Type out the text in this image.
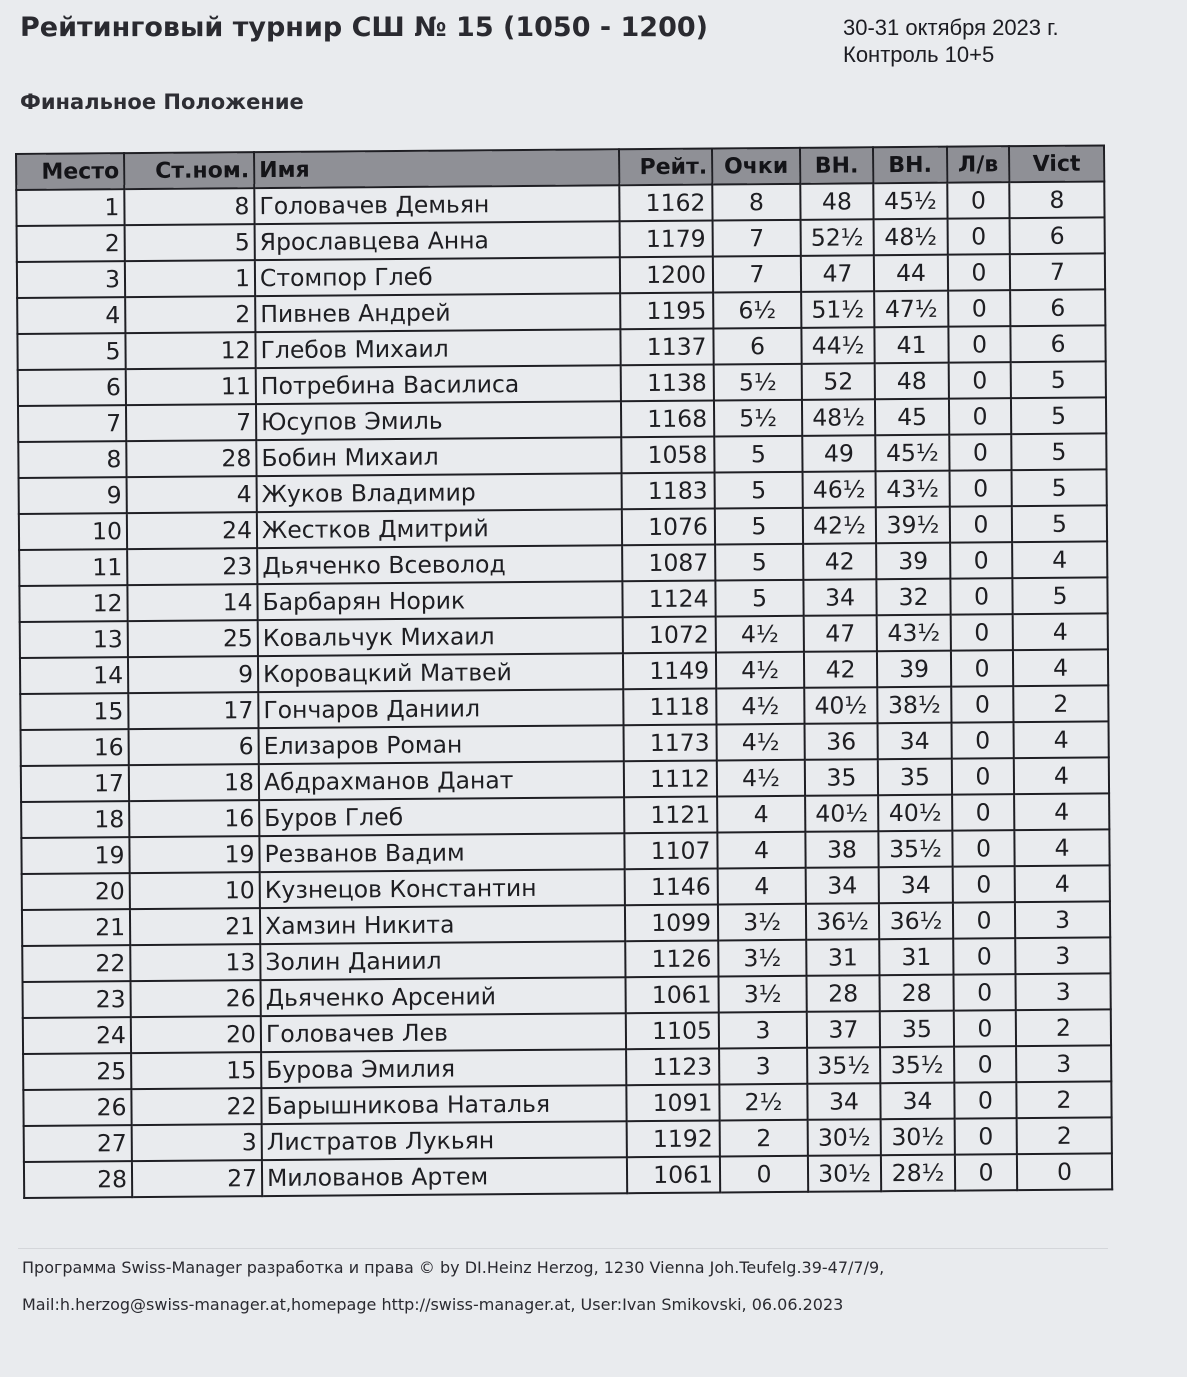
Рейтинговый турнир СШ № 15 (1050 - 1200)	30-31 октября 2023 г.
Контроль 10+5
Финальное Положение
Место	Ст.ном.	Имя	Рейт.	Очки	ВН.	ВН.	Л/в	Vict
1	8	Головачев Демьян	1162	8	48	45½	0	8
2	5	Ярославцева Анна	1179	7	52½	48½	0	6
3	1	Стомпор Глеб	1200	7	47	44	0	7
4	2	Пивнев Андрей	1195	6½	51½	47½	0	6
5	12	Глебов Михаил	1137	6	44½	41	0	6
6	11	Потребина Василиса	1138	5½	52	48	0	5
7	7	Юсупов Эмиль	1168	5½	48½	45	0	5
8	28	Бобин Михаил	1058	5	49	45½	0	5
9	4	Жуков Владимир	1183	5	46½	43½	0	5
10	24	Жестков Дмитрий	1076	5	42½	39½	0	5
11	23	Дьяченко Всеволод	1087	5	42	39	0	4
12	14	Барбарян Норик	1124	5	34	32	0	5
13	25	Ковальчук Михаил	1072	4½	47	43½	0	4
14	9	Коровацкий Матвей	1149	4½	42	39	0	4
15	17	Гончаров Даниил	1118	4½	40½	38½	0	2
16	6	Елизаров Роман	1173	4½	36	34	0	4
17	18	Абдрахманов Данат	1112	4½	35	35	0	4
18	16	Буров Глеб	1121	4	40½	40½	0	4
19	19	Резванов Вадим	1107	4	38	35½	0	4
20	10	Кузнецов Константин	1146	4	34	34	0	4
21	21	Хамзин Никита	1099	3½	36½	36½	0	3
22	13	Золин Даниил	1126	3½	31	31	0	3
23	26	Дьяченко Арсений	1061	3½	28	28	0	3
24	20	Головачев Лев	1105	3	37	35	0	2
25	15	Бурова Эмилия	1123	3	35½	35½	0	3
26	22	Барышникова Наталья	1091	2½	34	34	0	2
27	3	Листратов Лукьян	1192	2	30½	30½	0	2
28	27	Милованов Артем	1061	0	30½	28½	0	0
Программа Swiss-Manager разработка и права © by DI.Heinz Herzog, 1230 Vienna Joh.Teufelg.39-47/7/9,
Mail:h.herzog@swiss-manager.at,homepage http://swiss-manager.at, User:Ivan Smikovski, 06.06.2023
